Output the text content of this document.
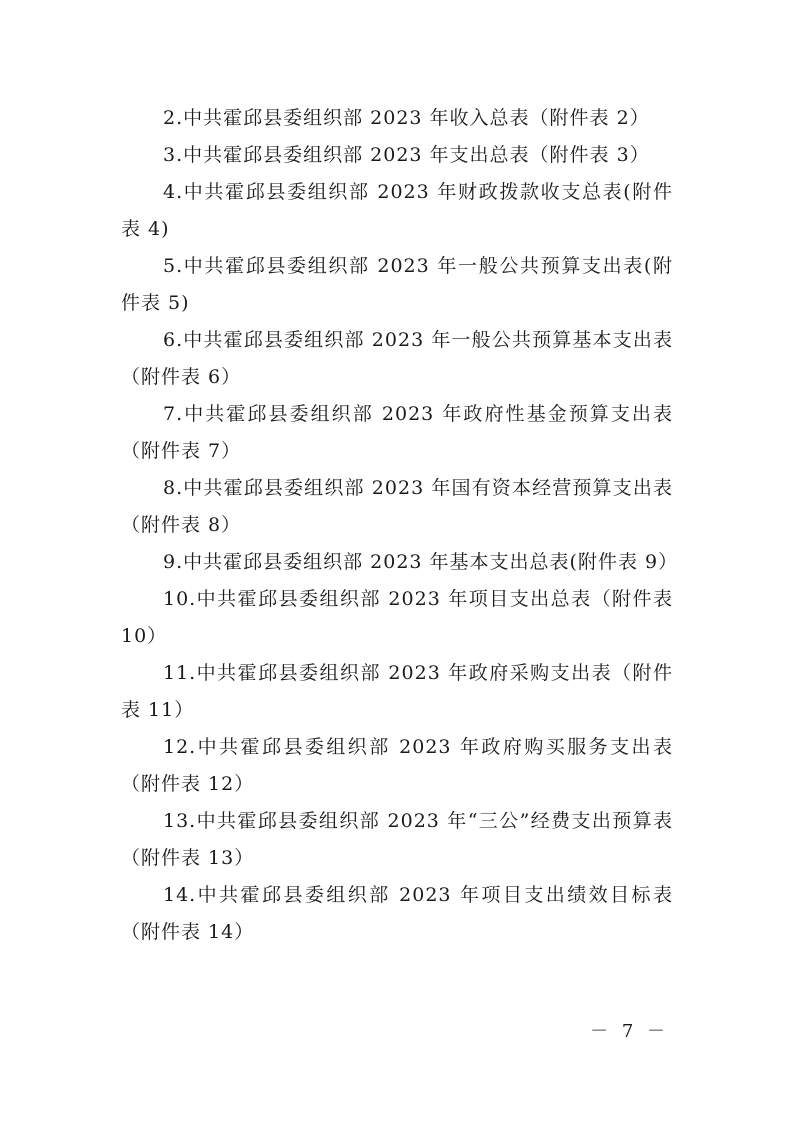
2.中共霍邱县委组织部 2023 年收入总表（附件表 2）

3.中共霍邱县委组织部 2023 年支出总表（附件表 3）

4.中共霍邱县委组织部 2023 年财政拨款收支总表(附件表 4)

5.中共霍邱县委组织部 2023 年一般公共预算支出表(附件表 5)

6.中共霍邱县委组织部 2023 年一般公共预算基本支出表（附件表 6）

7.中共霍邱县委组织部 2023 年政府性基金预算支出表（附件表 7）

8.中共霍邱县委组织部 2023 年国有资本经营预算支出表（附件表 8）

9.中共霍邱县委组织部 2023 年基本支出总表(附件表 9）

10.中共霍邱县委组织部 2023 年项目支出总表（附件表 10）

11.中共霍邱县委组织部 2023 年政府采购支出表（附件表 11）

12.中共霍邱县委组织部 2023 年政府购买服务支出表（附件表 12）

13.中共霍邱县委组织部 2023 年“三公”经费支出预算表（附件表 13）

14.中共霍邱县委组织部 2023 年项目支出绩效目标表（附件表 14）

－ 7 －
